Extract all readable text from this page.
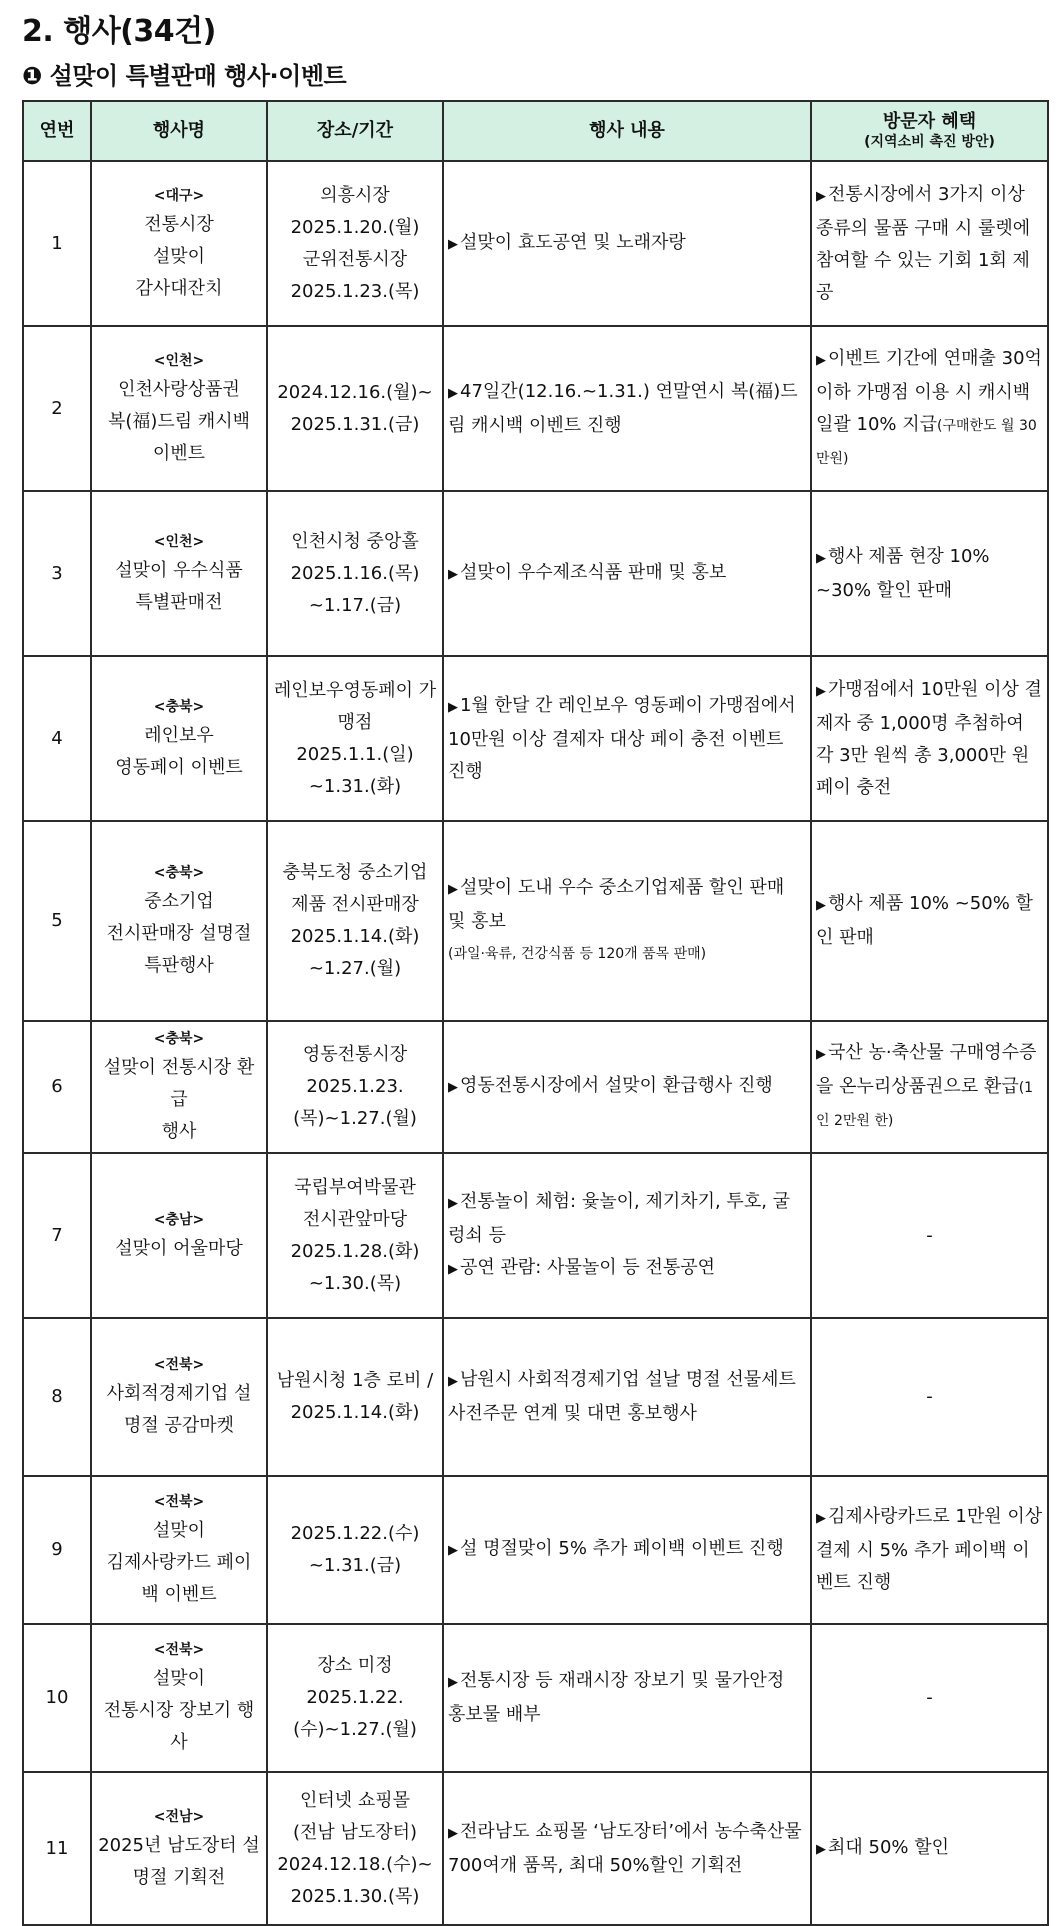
2. 행사(34건)
❶ 설맞이 특별판매 행사·이벤트
연번	행사명	장소/기간	행사 내용	방문자 혜택
(지역소비 촉진 방안)

1	<대구>
전통시장
설맞이
감사대잔치	의흥시장
2025.1.20.(월)
군위전통시장
2025.1.23.(목)	▶ 설맞이 효도공연 및 노래자랑	▶ 전통시장에서 3가지 이상 종류의 물품 구매 시 룰렛에 참여할 수 있는 기회 1회 제공

2	<인천>
인천사랑상품권
복(福)드림 캐시백
이벤트	2024.12.16.(월)~
2025.1.31.(금)	▶ 47일간(12.16.~1.31.) 연말연시 복(福)드림 캐시백 이벤트 진행	▶ 이벤트 기간에 연매출 30억 이하 가맹점 이용 시 캐시백 일괄 10% 지급(구매한도 월 30만원)

3	<인천>
설맞이 우수식품
특별판매전	인천시청 중앙홀
2025.1.16.(목)
~1.17.(금)	▶ 설맞이 우수제조식품 판매 및 홍보	▶ 행사 제품 현장 10% ~30% 할인 판매

4	<충북>
레인보우
영동페이 이벤트	레인보우영동페이 가맹점
2025.1.1.(일)
~1.31.(화)	▶ 1월 한달 간 레인보우 영동페이 가맹점에서 10만원 이상 결제자 대상 페이 충전 이벤트 진행	▶ 가맹점에서 10만원 이상 결제자 중 1,000명 추첨하여 각 3만 원씩 총 3,000만 원 페이 충전

5	<충북>
중소기업
전시판매장 설명절 특판행사	충북도청 중소기업
제품 전시판매장
2025.1.14.(화)
~1.27.(월)	▶ 설맞이 도내 우수 중소기업제품 할인 판매 및 홍보
(과일·육류, 건강식품 등 120개 품목 판매)	▶ 행사 제품 10% ~50% 할인 판매

6	<충북>
설맞이 전통시장 환급
행사	영동전통시장
2025.1.23.
(목)~1.27.(월)	▶ 영동전통시장에서 설맞이 환급행사 진행	▶ 국산 농·축산물 구매영수증을 온누리상품권으로 환급(1인 2만원 한)

7	<충남>
설맞이 어울마당	국립부여박물관
전시관앞마당
2025.1.28.(화)
~1.30.(목)	▶ 전통놀이 체험: 윷놀이, 제기차기, 투호, 굴렁쇠 등
▶ 공연 관람: 사물놀이 등 전통공연	-

8	<전북>
사회적경제기업 설
명절 공감마켓	남원시청 1층 로비 /
2025.1.14.(화)	▶ 남원시 사회적경제기업 설날 명절 선물세트 사전주문 연계 및 대면 홍보행사	-

9	<전북>
설맞이
김제사랑카드 페이
백 이벤트	2025.1.22.(수)
~1.31.(금)	▶ 설 명절맞이 5% 추가 페이백 이벤트 진행	▶ 김제사랑카드로 1만원 이상 결제 시 5% 추가 페이백 이벤트 진행

10	<전북>
설맞이
전통시장 장보기 행
사	장소 미정
2025.1.22.
(수)~1.27.(월)	▶ 전통시장 등 재래시장 장보기 및 물가안정 홍보물 배부	-

11	<전남>
2025년 남도장터 설
명절 기획전	인터넷 쇼핑몰
(전남 남도장터)
2024.12.18.(수)~
2025.1.30.(목)	▶ 전라남도 쇼핑몰 ‘남도장터’에서 농수축산물 700여개 품목, 최대 50%할인 기획전	▶ 최대 50% 할인
